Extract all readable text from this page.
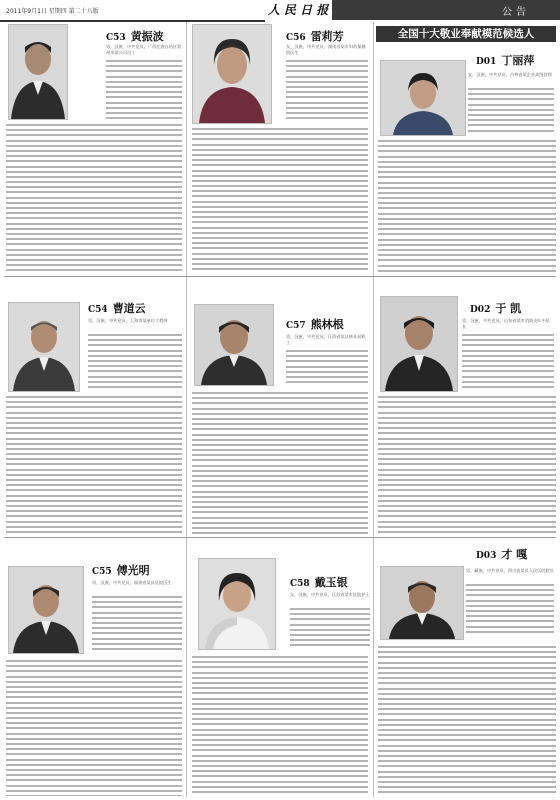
2011年9月1日 星期四 第二十八版	人 民 日 报	公告
全国十大敬业奉献模范候选人
C53 黄振波
男，汉族，中共党员，广西壮族自治区钦州市某公司员工
C56 雷莉芳
女，汉族，中共党员，湖南省某市妇幼保健院医生
D01 丁丽萍
女，汉族，中共党员，吉林省某企业高级技师
C54 曹道云
男，汉族，中共党员，上海市某单位工程师
C57 熊林根
男，汉族，中共党员，江西省某县林业局职工
D02 于 凯
男，汉族，中共党员，山东省某市消防支队中队长
C55 傅光明
男，汉族，中共党员，福建省某县医院医生	C58 戴玉银
女，汉族，中共党员，江苏省某市医院护士
D03 才 嘎
男，藏族，中共党员，四川省某县人民医院院长
